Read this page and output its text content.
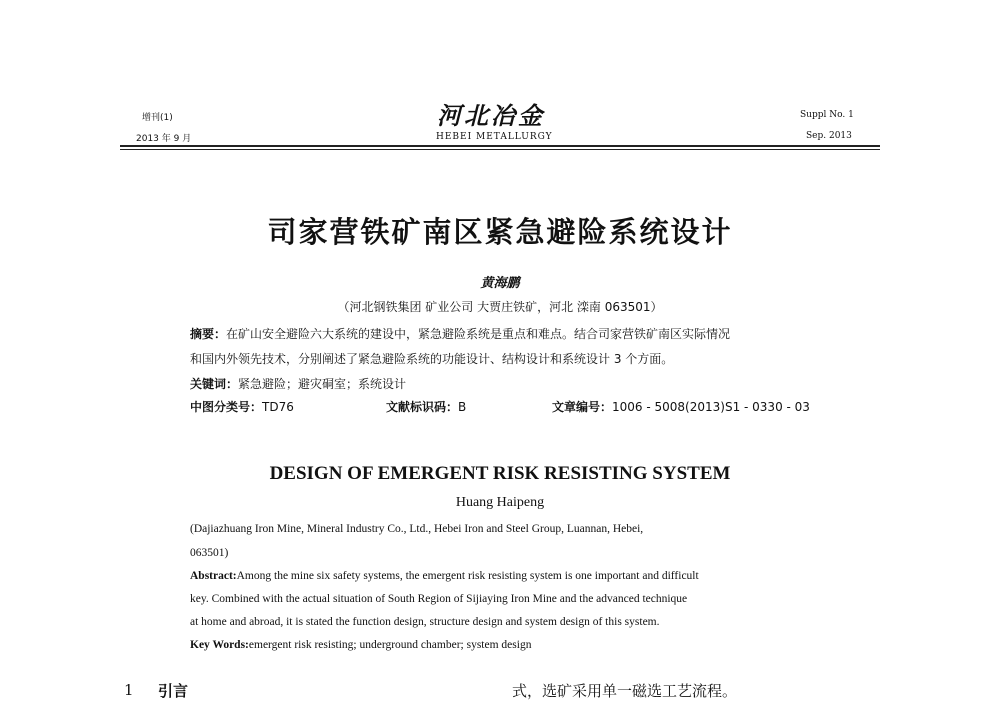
增刊(1)
2013 年 9 月
河北冶金
HEBEI METALLURGY
Suppl No. 1
Sep. 2013
司家营铁矿南区紧急避险系统设计
黄海鹏
（河北钢铁集团 矿业公司 大贾庄铁矿，河北 滦南 063501）
摘要：在矿山安全避险六大系统的建设中，紧急避险系统是重点和难点。结合司家营铁矿南区实际情况
和国内外领先技术，分别阐述了紧急避险系统的功能设计、结构设计和系统设计 3 个方面。
关键词：紧急避险；避灾硐室；系统设计
中图分类号：TD76	文献标识码：B	文章编号：1006 - 5008(2013)S1 - 0330 - 03
DESIGN OF EMERGENT RISK RESISTING SYSTEM
Huang Haipeng
(Dajiazhuang Iron Mine, Mineral Industry Co., Ltd., Hebei Iron and Steel Group, Luannan, Hebei,
063501)
Abstract:Among the mine six safety systems, the emergent risk resisting system is one important and difficult
key. Combined with the actual situation of South Region of Sijiaying Iron Mine and the advanced technique
at home and abroad, it is stated the function design, structure design and system design of this system.
Key Words:emergent risk resisting; underground chamber; system design
1 引言	式，选矿采用单一磁选工艺流程。
